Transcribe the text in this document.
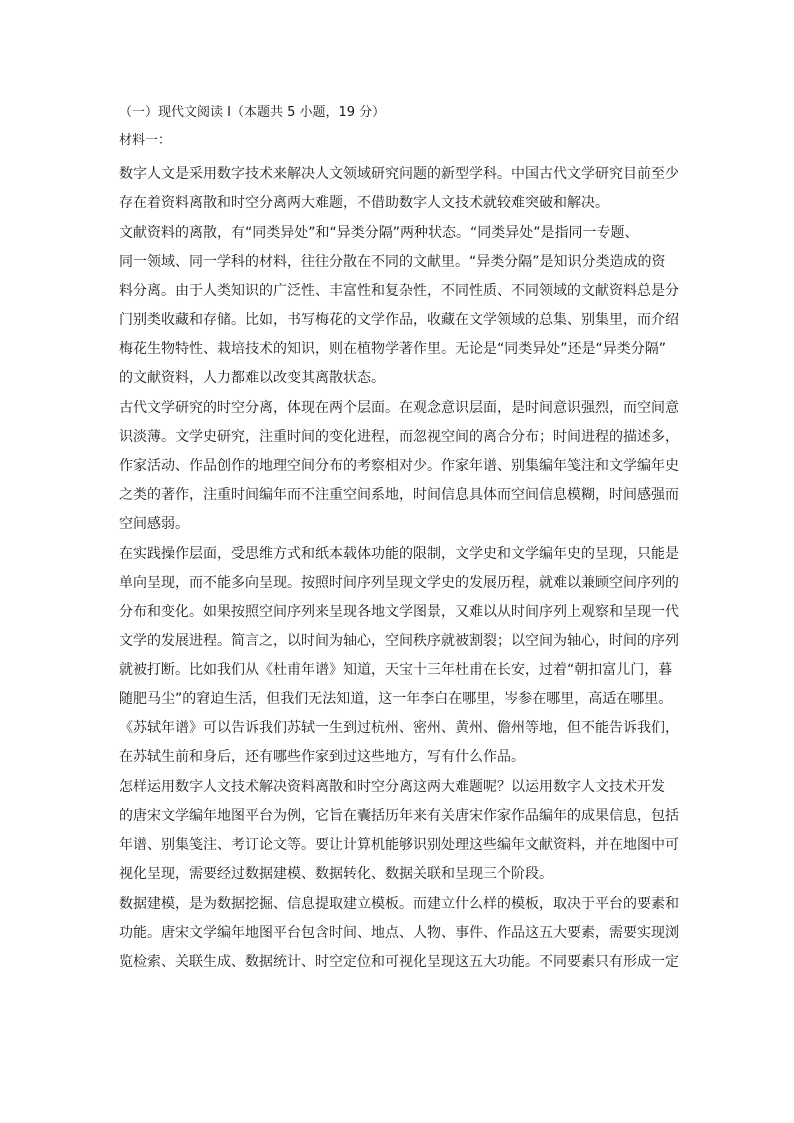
（一）现代文阅读 I（本题共 5 小题，19 分）
材料一：
数字人文是采用数字技术来解决人文领域研究问题的新型学科。中国古代文学研究目前至少
存在着资料离散和时空分离两大难题，不借助数字人文技术就较难突破和解决。
文献资料的离散，有“同类异处”和“异类分隔”两种状态。“同类异处”是指同一专题、
同一领域、同一学科的材料，往往分散在不同的文献里。“异类分隔”是知识分类造成的资
料分离。由于人类知识的广泛性、丰富性和复杂性，不同性质、不同领域的文献资料总是分
门别类收藏和存储。比如，书写梅花的文学作品，收藏在文学领域的总集、别集里，而介绍
梅花生物特性、栽培技术的知识，则在植物学著作里。无论是“同类异处”还是“异类分隔”
的文献资料，人力都难以改变其离散状态。
古代文学研究的时空分离，体现在两个层面。在观念意识层面，是时间意识强烈，而空间意
识淡薄。文学史研究，注重时间的变化进程，而忽视空间的离合分布；时间进程的描述多，
作家活动、作品创作的地理空间分布的考察相对少。作家年谱、别集编年笺注和文学编年史
之类的著作，注重时间编年而不注重空间系地，时间信息具体而空间信息模糊，时间感强而
空间感弱。
在实践操作层面，受思维方式和纸本载体功能的限制，文学史和文学编年史的呈现，只能是
单向呈现，而不能多向呈现。按照时间序列呈现文学史的发展历程，就难以兼顾空间序列的
分布和变化。如果按照空间序列来呈现各地文学图景，又难以从时间序列上观察和呈现一代
文学的发展进程。简言之，以时间为轴心，空间秩序就被割裂；以空间为轴心，时间的序列
就被打断。比如我们从《杜甫年谱》知道，天宝十三年杜甫在长安，过着“朝扣富儿门，暮
随肥马尘”的窘迫生活，但我们无法知道，这一年李白在哪里，岑参在哪里，高适在哪里。
《苏轼年谱》可以告诉我们苏轼一生到过杭州、密州、黄州、儋州等地，但不能告诉我们，
在苏轼生前和身后，还有哪些作家到过这些地方，写有什么作品。
怎样运用数字人文技术解决资料离散和时空分离这两大难题呢？以运用数字人文技术开发
的唐宋文学编年地图平台为例，它旨在囊括历年来有关唐宋作家作品编年的成果信息，包括
年谱、别集笺注、考订论文等。要让计算机能够识别处理这些编年文献资料，并在地图中可
视化呈现，需要经过数据建模、数据转化、数据关联和呈现三个阶段。
数据建模，是为数据挖掘、信息提取建立模板。而建立什么样的模板，取决于平台的要素和
功能。唐宋文学编年地图平台包含时间、地点、人物、事件、作品这五大要素，需要实现浏
览检索、关联生成、数据统计、时空定位和可视化呈现这五大功能。不同要素只有形成一定
